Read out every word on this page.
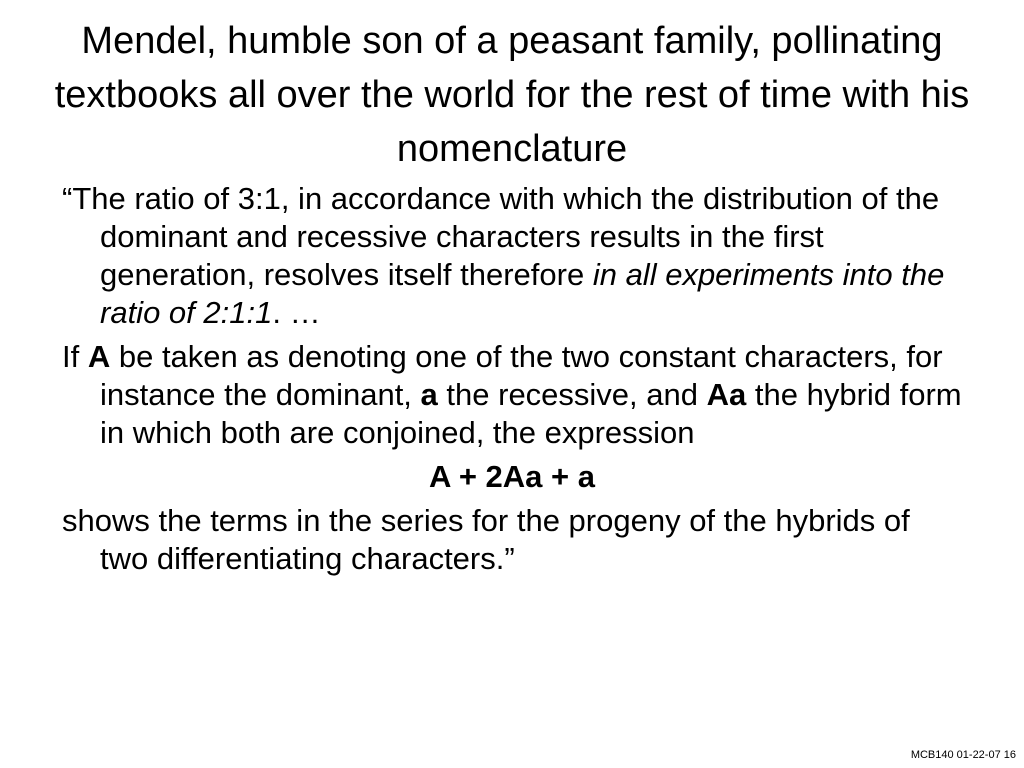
Mendel, humble son of a peasant family, pollinating textbooks all over the world for the rest of time with his nomenclature

“The ratio of 3:1, in accordance with which the distribution of the dominant and recessive characters results in the first generation, resolves itself therefore in all experiments into the ratio of 2:1:1. …

If A be taken as denoting one of the two constant characters, for instance the dominant, a the recessive, and Aa the hybrid form in which both are conjoined, the expression

A + 2Aa + a

shows the terms in the series for the progeny of the hybrids of two differentiating characters.”

MCB140 01-22-07 16
